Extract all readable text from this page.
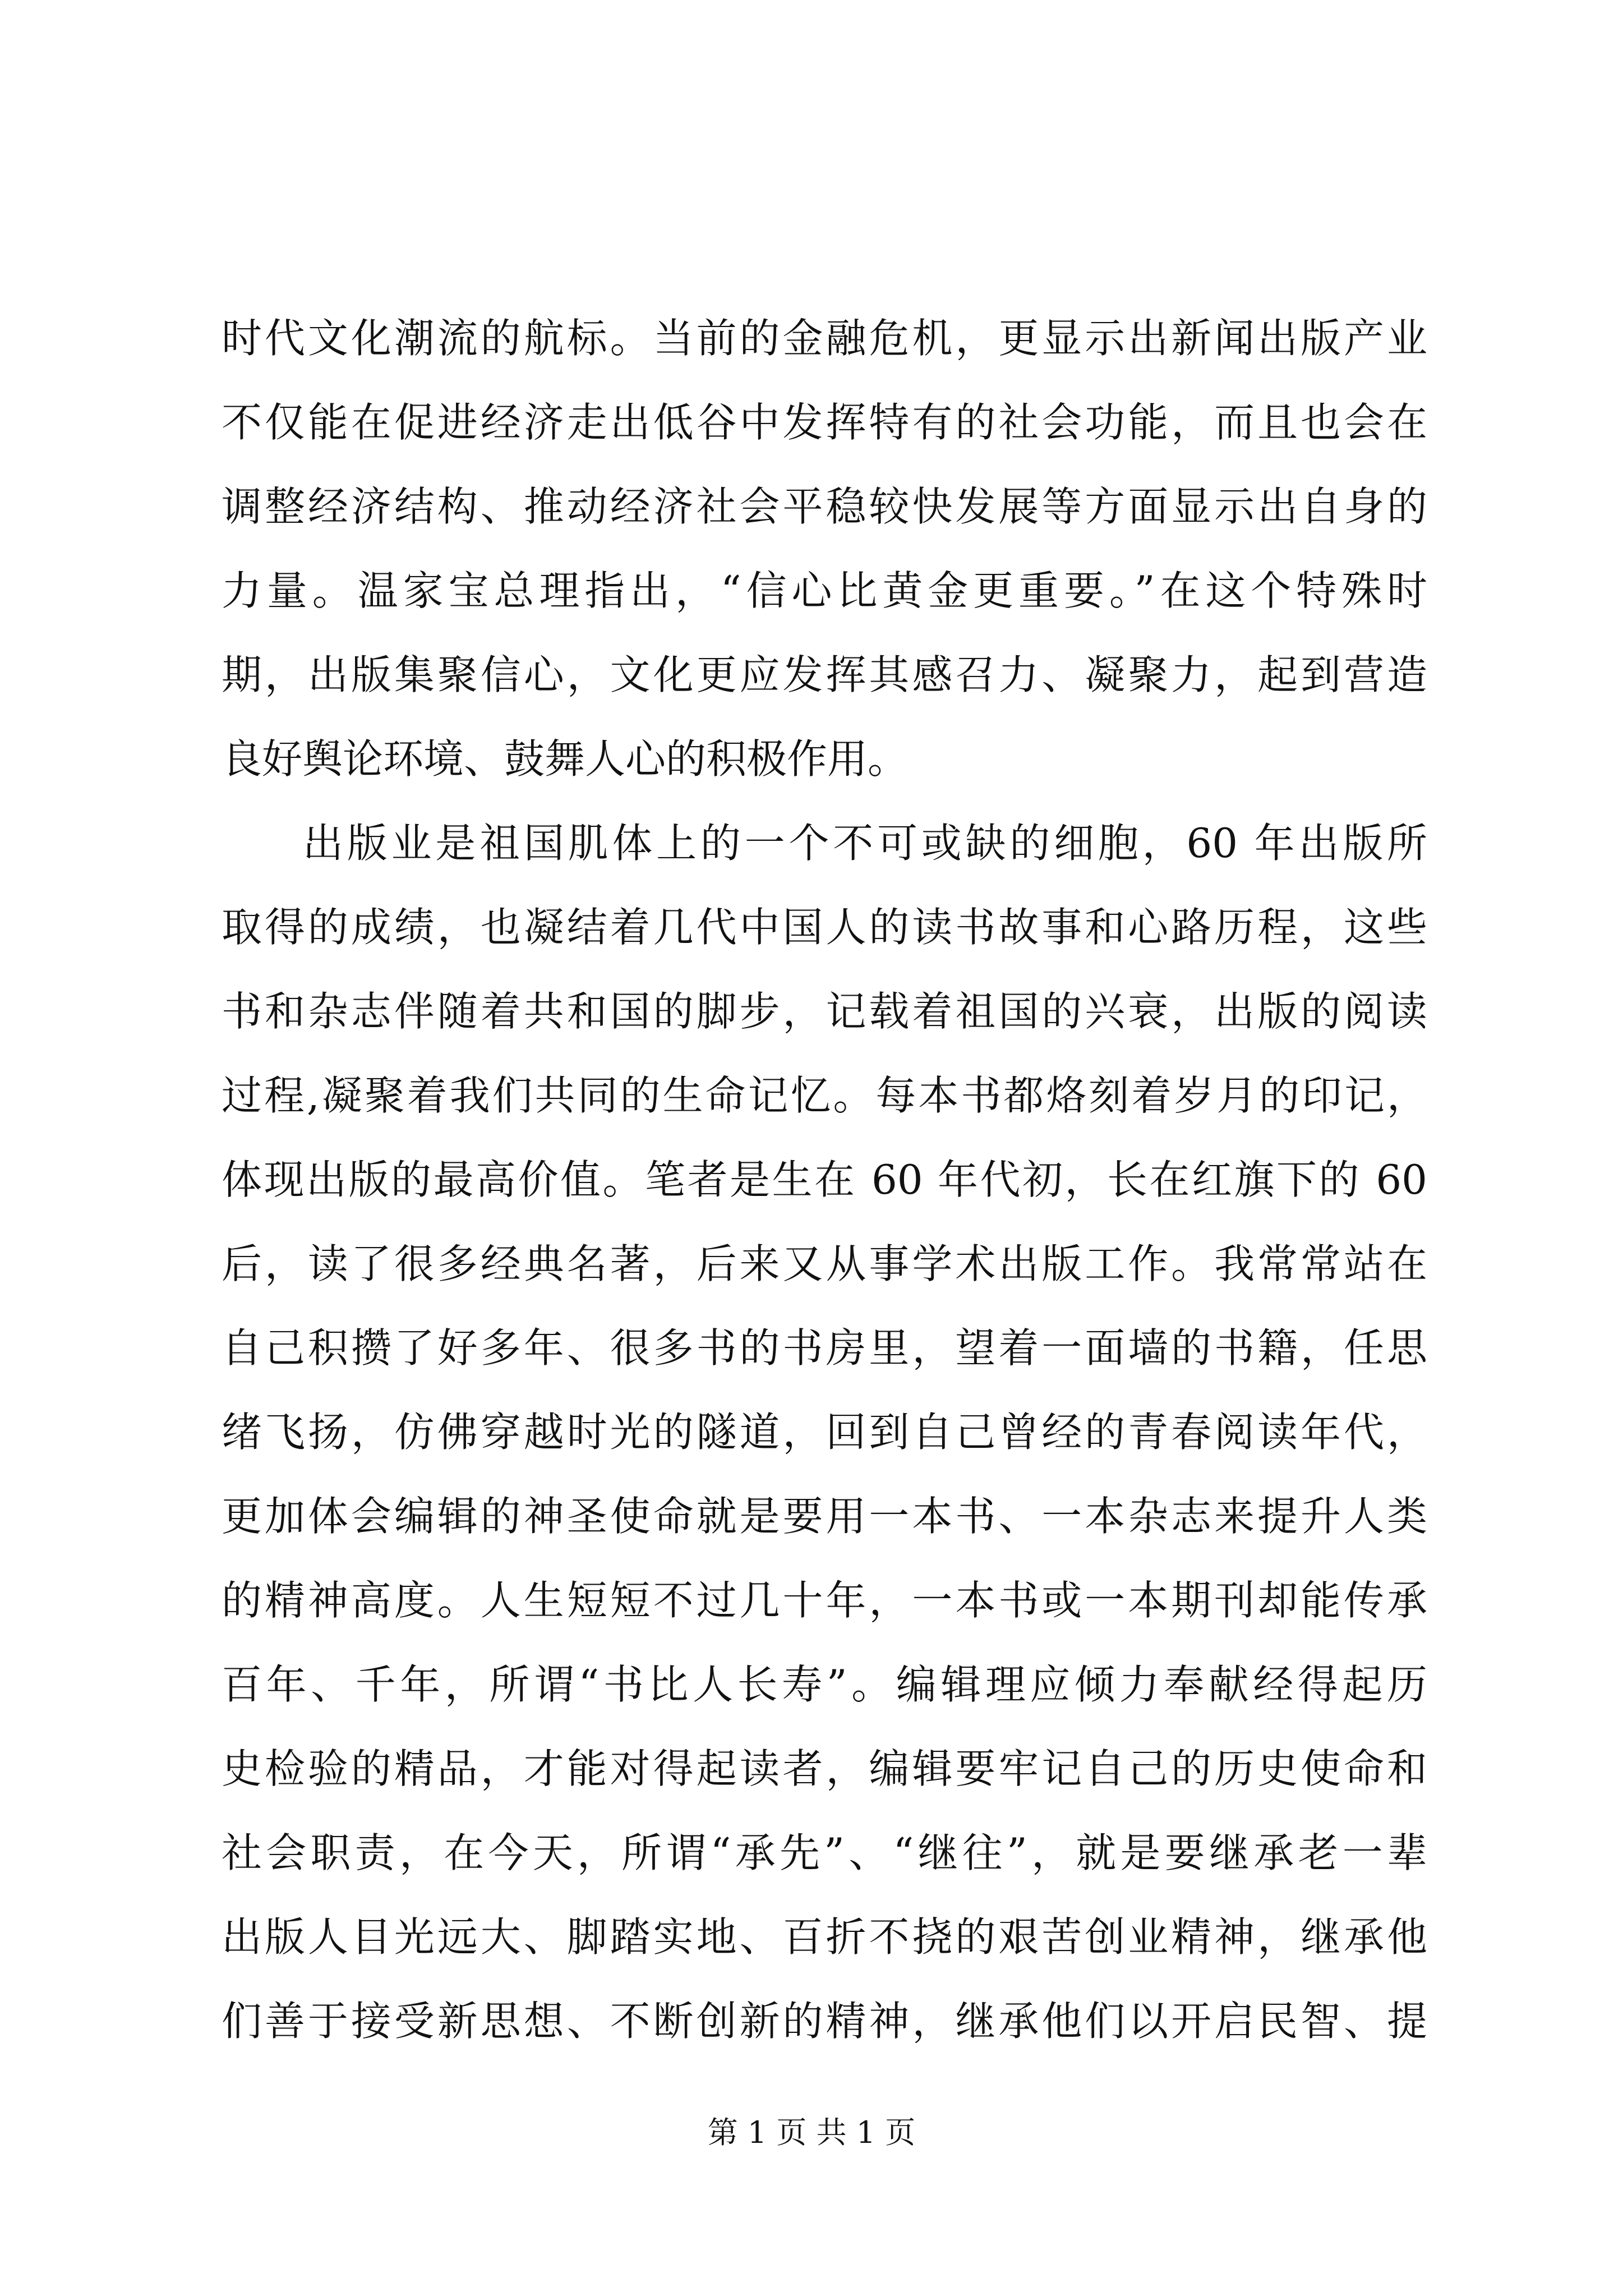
时代文化潮流的航标。当前的金融危机，更显示出新闻出版产业
不仅能在促进经济走出低谷中发挥特有的社会功能，而且也会在
调整经济结构、推动经济社会平稳较快发展等方面显示出自身的
力量。温家宝总理指出，“信心比黄金更重要。”在这个特殊时
期，出版集聚信心，文化更应发挥其感召力、凝聚力，起到营造
良好舆论环境、鼓舞人心的积极作用。
出版业是祖国肌体上的一个不可或缺的细胞，60 年出版所
取得的成绩，也凝结着几代中国人的读书故事和心路历程，这些
书和杂志伴随着共和国的脚步，记载着祖国的兴衰，出版的阅读
过程,凝聚着我们共同的生命记忆。每本书都烙刻着岁月的印记，
体现出版的最高价值。笔者是生在 60 年代初，长在红旗下的 60
后，读了很多经典名著，后来又从事学术出版工作。我常常站在
自己积攒了好多年、很多书的书房里，望着一面墙的书籍，任思
绪飞扬，仿佛穿越时光的隧道，回到自己曾经的青春阅读年代，
更加体会编辑的神圣使命就是要用一本书、一本杂志来提升人类
的精神高度。人生短短不过几十年，一本书或一本期刊却能传承
百年、千年，所谓“书比人长寿”。编辑理应倾力奉献经得起历
史检验的精品，才能对得起读者，编辑要牢记自己的历史使命和
社会职责，在今天，所谓“承先”、“继往”，就是要继承老一辈
出版人目光远大、脚踏实地、百折不挠的艰苦创业精神，继承他
们善于接受新思想、不断创新的精神，继承他们以开启民智、提
第 1 页 共 1 页
